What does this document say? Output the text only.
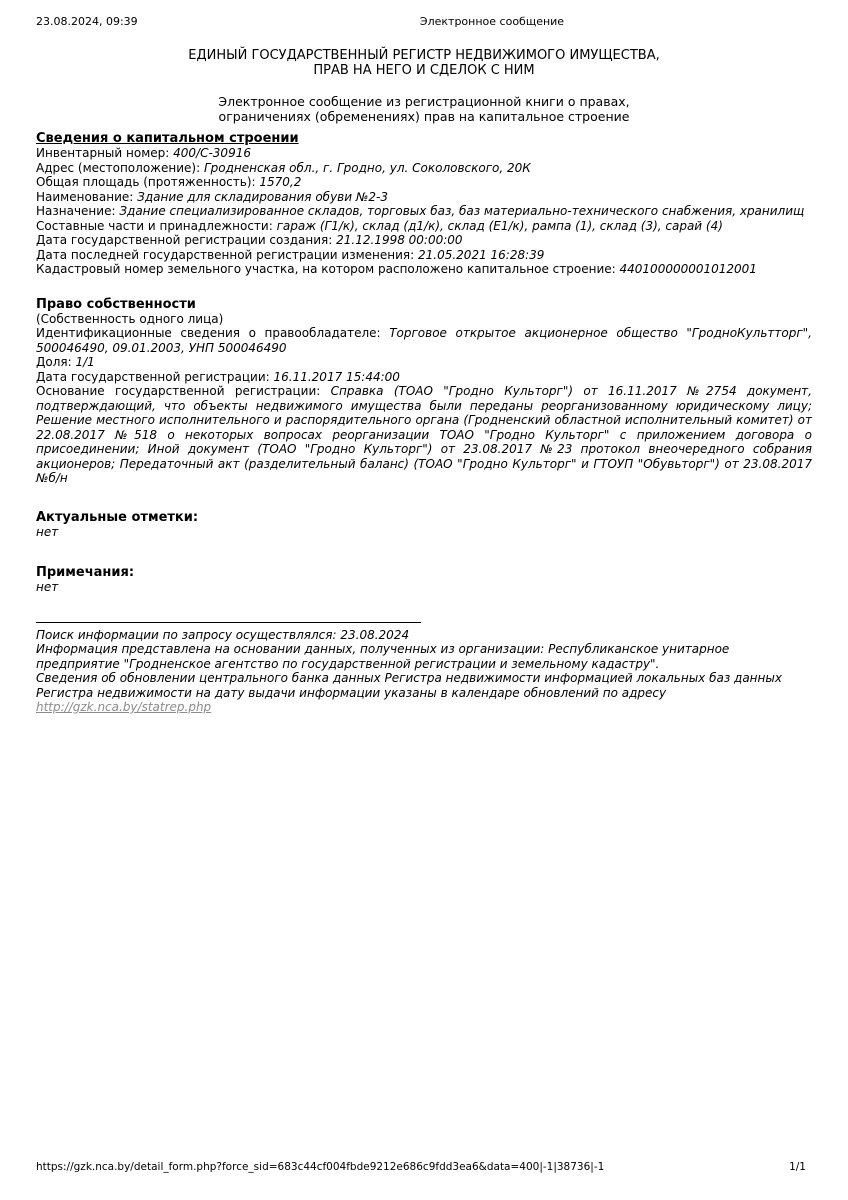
23.08.2024, 09:39	Электронное сообщение
ЕДИНЫЙ ГОСУДАРСТВЕННЫЙ РЕГИСТР НЕДВИЖИМОГО ИМУЩЕСТВА,
ПРАВ НА НЕГО И СДЕЛОК С НИМ
Электронное сообщение из регистрационной книги о правах,
ограничениях (обременениях) прав на капитальное строение
Сведения о капитальном строении
Инвентарный номер: 400/С-30916
Адрес (местоположение): Гродненская обл., г. Гродно, ул. Соколовского, 20К
Общая площадь (протяженность): 1570,2
Наименование: Здание для складирования обуви №2-3
Назначение: Здание специализированное складов, торговых баз, баз материально-технического снабжения, хранилищ
Составные части и принадлежности: гараж (Г1/к), склад (д1/к), склад (Е1/к), рампа (1), склад (3), сарай (4)
Дата государственной регистрации создания: 21.12.1998 00:00:00
Дата последней государственной регистрации изменения: 21.05.2021 16:28:39
Кадастровый номер земельного участка, на котором расположено капитальное строение: 440100000001012001
Право собственности
(Собственность одного лица)
Идентификационные сведения о правообладателе: Торговое открытое акционерное общество "ГродноКультторг", 500046490, 09.01.2003, УНП 500046490
Доля: 1/1
Дата государственной регистрации: 16.11.2017 15:44:00
Основание государственной регистрации: Справка (ТОАО "Гродно Культорг") от 16.11.2017 №2754 документ, подтверждающий, что объекты недвижимого имущества были переданы реорганизованному юридическому лицу; Решение местного исполнительного и распорядительного органа (Гродненский областной исполнительный комитет) от 22.08.2017 №518 о некоторых вопросах реорганизации ТОАО "Гродно Культорг" с приложением договора о присоединении; Иной документ (ТОАО "Гродно Культорг") от 23.08.2017 №23 протокол внеочередного собрания акционеров; Передаточный акт (разделительный баланс) (ТОАО "Гродно Культорг" и ГТОУП "Обувьторг") от 23.08.2017 №б/н
Актуальные отметки:
нет
Примечания:
нет
Поиск информации по запросу осуществлялся: 23.08.2024
Информация представлена на основании данных, полученных из организации: Республиканское унитарное предприятие "Гродненское агентство по государственной регистрации и земельному кадастру".
Сведения об обновлении центрального банка данных Регистра недвижимости информацией локальных баз данных Регистра недвижимости на дату выдачи информации указаны в календаре обновлений по адресу
http://gzk.nca.by/statrep.php
https://gzk.nca.by/detail_form.php?force_sid=683c44cf004fbde9212e686c9fdd3ea6&data=400|-1|38736|-1	1/1
